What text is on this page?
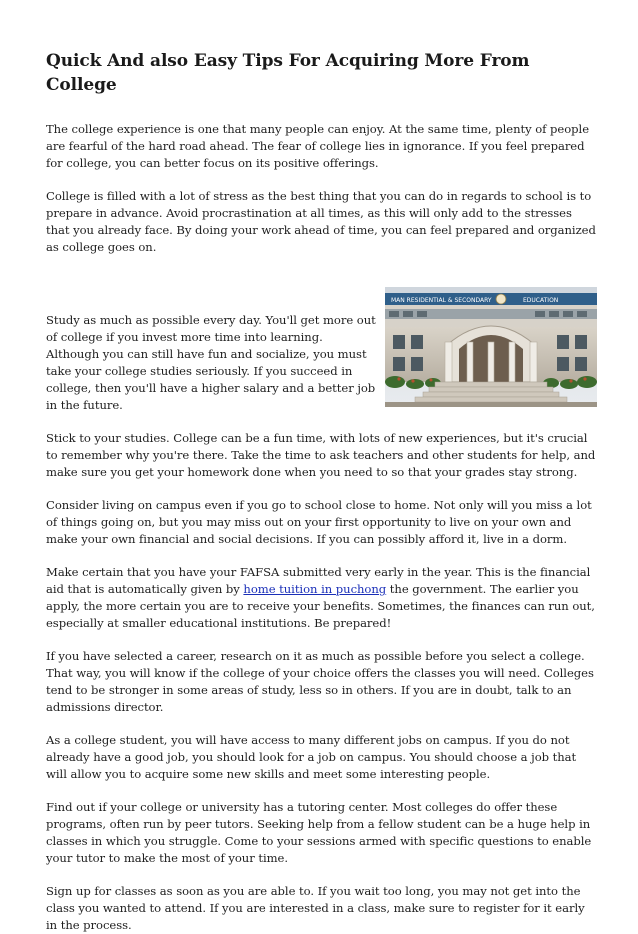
Quick And also Easy Tips For Acquiring More From College

The college experience is one that many people can enjoy. At the same time, plenty of people are fearful of the hard road ahead. The fear of college lies in ignorance. If you feel prepared for college, you can better focus on its positive offerings.

College is filled with a lot of stress as the best thing that you can do in regards to school is to prepare in advance. Avoid procrastination at all times, as this will only add to the stresses that you already face. By doing your work ahead of time, you can feel prepared and organized as college goes on.

MAN RESIDENTIAL & SECONDARY	EDUCATION

Study as much as possible every day. You'll get more out of college if you invest more time into learning. Although you can still have fun and socialize, you must take your college studies seriously. If you succeed in college, then you'll have a higher salary and a better job in the future.

Stick to your studies. College can be a fun time, with lots of new experiences, but it's crucial to remember why you're there. Take the time to ask teachers and other students for help, and make sure you get your homework done when you need to so that your grades stay strong.

Consider living on campus even if you go to school close to home. Not only will you miss a lot of things going on, but you may miss out on your first opportunity to live on your own and make your own financial and social decisions. If you can possibly afford it, live in a dorm.

Make certain that you have your FAFSA submitted very early in the year. This is the financial aid that is automatically given by home tuition in puchong the government. The earlier you apply, the more certain you are to receive your benefits. Sometimes, the finances can run out, especially at smaller educational institutions. Be prepared!

If you have selected a career, research on it as much as possible before you select a college. That way, you will know if the college of your choice offers the classes you will need. Colleges tend to be stronger in some areas of study, less so in others. If you are in doubt, talk to an admissions director.

As a college student, you will have access to many different jobs on campus. If you do not already have a good job, you should look for a job on campus. You should choose a job that will allow you to acquire some new skills and meet some interesting people.

Find out if your college or university has a tutoring center. Most colleges do offer these programs, often run by peer tutors. Seeking help from a fellow student can be a huge help in classes in which you struggle. Come to your sessions armed with specific questions to enable your tutor to make the most of your time.

Sign up for classes as soon as you are able to. If you wait too long, you may not get into the class you wanted to attend. If you are interested in a class, make sure to register for it early in the process.
